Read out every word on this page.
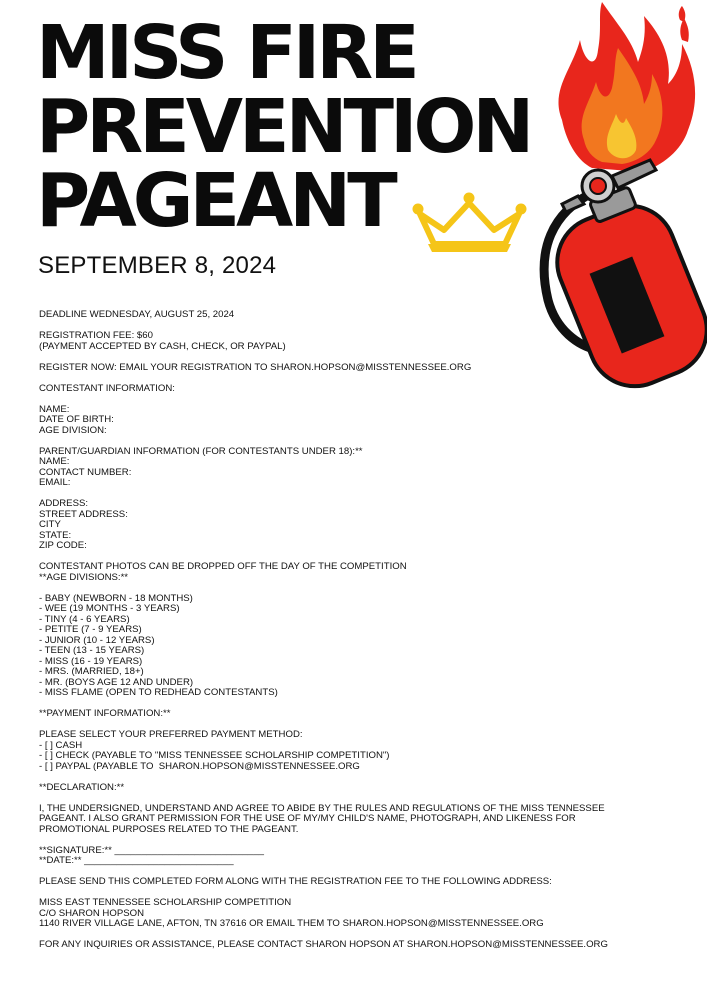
MISS FIRE
PREVENTION
PAGEANT
SEPTEMBER 8, 2024
DEADLINE WEDNESDAY, AUGUST 25, 2024
REGISTRATION FEE: $60
(PAYMENT ACCEPTED BY CASH, CHECK, OR PAYPAL)
REGISTER NOW: EMAIL YOUR REGISTRATION TO SHARON.HOPSON@MISSTENNESSEE.ORG
CONTESTANT INFORMATION:
NAME:
DATE OF BIRTH:
AGE DIVISION:
PARENT/GUARDIAN INFORMATION (FOR CONTESTANTS UNDER 18):**
NAME:
CONTACT NUMBER:
EMAIL:
ADDRESS:
STREET ADDRESS:
CITY
STATE:
ZIP CODE:
CONTESTANT PHOTOS CAN BE DROPPED OFF THE DAY OF THE COMPETITION
**AGE DIVISIONS:**
- BABY (NEWBORN - 18 MONTHS)
- WEE (19 MONTHS - 3 YEARS)
- TINY (4 - 6 YEARS)
- PETITE (7 - 9 YEARS)
- JUNIOR (10 - 12 YEARS)
- TEEN (13 - 15 YEARS)
- MISS (16 - 19 YEARS)
- MRS. (MARRIED, 18+)
- MR. (BOYS AGE 12 AND UNDER)
- MISS FLAME (OPEN TO REDHEAD CONTESTANTS)
**PAYMENT INFORMATION:**
PLEASE SELECT YOUR PREFERRED PAYMENT METHOD:
- [ ] CASH
- [ ] CHECK (PAYABLE TO "MISS TENNESSEE SCHOLARSHIP COMPETITION")
- [ ] PAYPAL (PAYABLE TO  SHARON.HOPSON@MISSTENNESSEE.ORG
**DECLARATION:**
I, THE UNDERSIGNED, UNDERSTAND AND AGREE TO ABIDE BY THE RULES AND REGULATIONS OF THE MISS TENNESSEE
PAGEANT. I ALSO GRANT PERMISSION FOR THE USE OF MY/MY CHILD'S NAME, PHOTOGRAPH, AND LIKENESS FOR
PROMOTIONAL PURPOSES RELATED TO THE PAGEANT.
**SIGNATURE:** ____________________________
**DATE:** ____________________________
PLEASE SEND THIS COMPLETED FORM ALONG WITH THE REGISTRATION FEE TO THE FOLLOWING ADDRESS:
MISS EAST TENNESSEE SCHOLARSHIP COMPETITION
C/O SHARON HOPSON
1140 RIVER VILLAGE LANE, AFTON, TN 37616 OR EMAIL THEM TO SHARON.HOPSON@MISSTENNESSEE.ORG
FOR ANY INQUIRIES OR ASSISTANCE, PLEASE CONTACT SHARON HOPSON AT SHARON.HOPSON@MISSTENNESSEE.ORG
